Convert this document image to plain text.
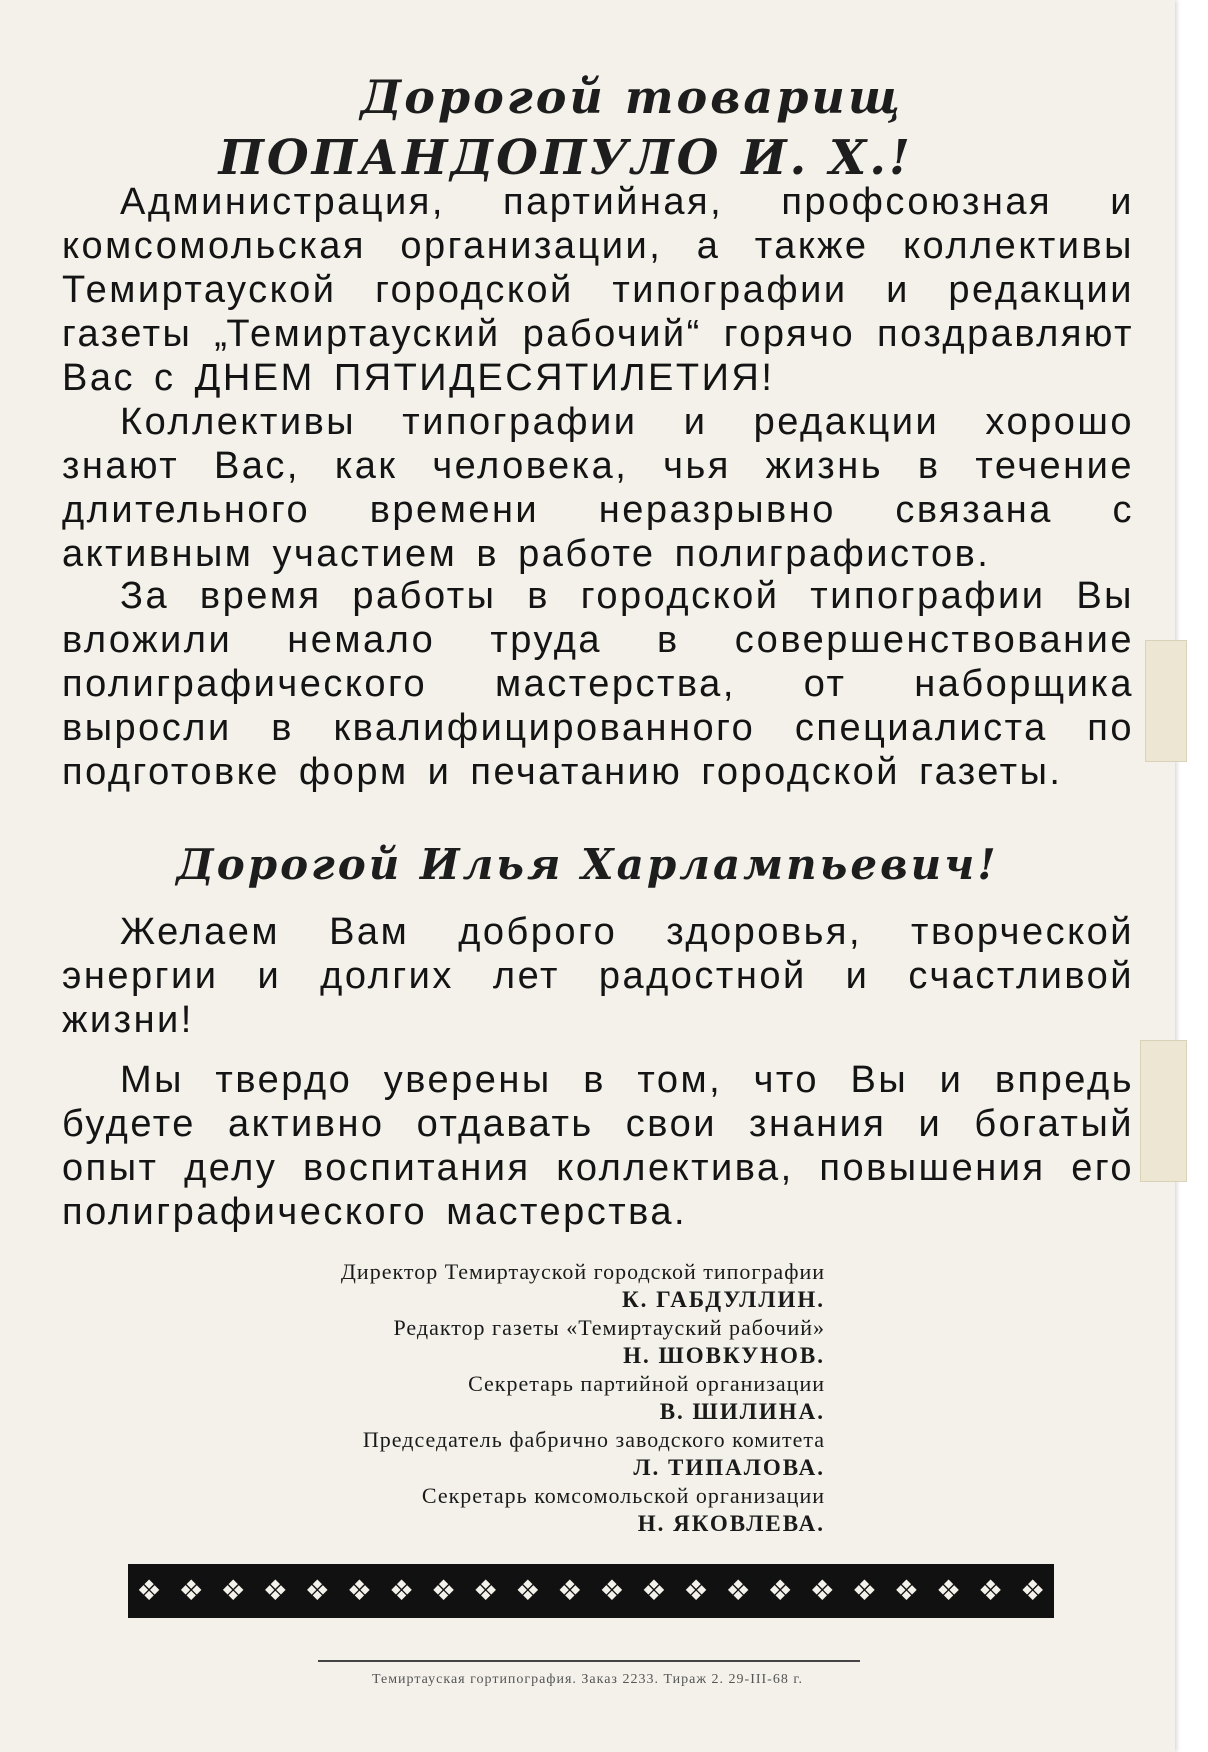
Дорогой товарищ
ПОПАНДОПУЛО И. Х.!

Администрация, партийная, профсоюзная и комсомольская организации, а также коллективы Темиртауской городской типографии и редакции газеты „Темиртауский рабочий“ горячо поздравляют Вас с ДНЕМ ПЯТИДЕСЯТИЛЕТИЯ!

Коллективы типографии и редакции хорошо знают Вас, как человека, чья жизнь в течение длительного времени неразрывно связана с активным участием в работе полиграфистов.

За время работы в городской типографии Вы вложили немало труда в совершенствование полиграфического мастерства, от наборщика выросли в квалифицированного специалиста по подготовке форм и печатанию городской газеты.

Дорогой Илья Харлампьевич!

Желаем Вам доброго здоровья, творческой энергии и долгих лет радостной и счастливой жизни!

Мы твердо уверены в том, что Вы и впредь будете активно отдавать свои знания и богатый опыт делу воспитания коллектива, повышения его полиграфического мастерства.

Директор Темиртауской городской типографии
К. ГАБДУЛЛИН.
Редактор газеты «Темиртауский рабочий»
Н. ШОВКУНОВ.
Секретарь партийной организации
В. ШИЛИНА.
Председатель фабрично заводского комитета
Л. ТИПАЛОВА.
Секретарь комсомольской организации
Н. ЯКОВЛЕВА.
❖ ❖ ❖ ❖ ❖ ❖ ❖ ❖ ❖ ❖ ❖ ❖ ❖ ❖ ❖ ❖ ❖ ❖ ❖ ❖ ❖ ❖
Темиртауская гортипография. Заказ 2233. Тираж 2. 29-III-68 г.
